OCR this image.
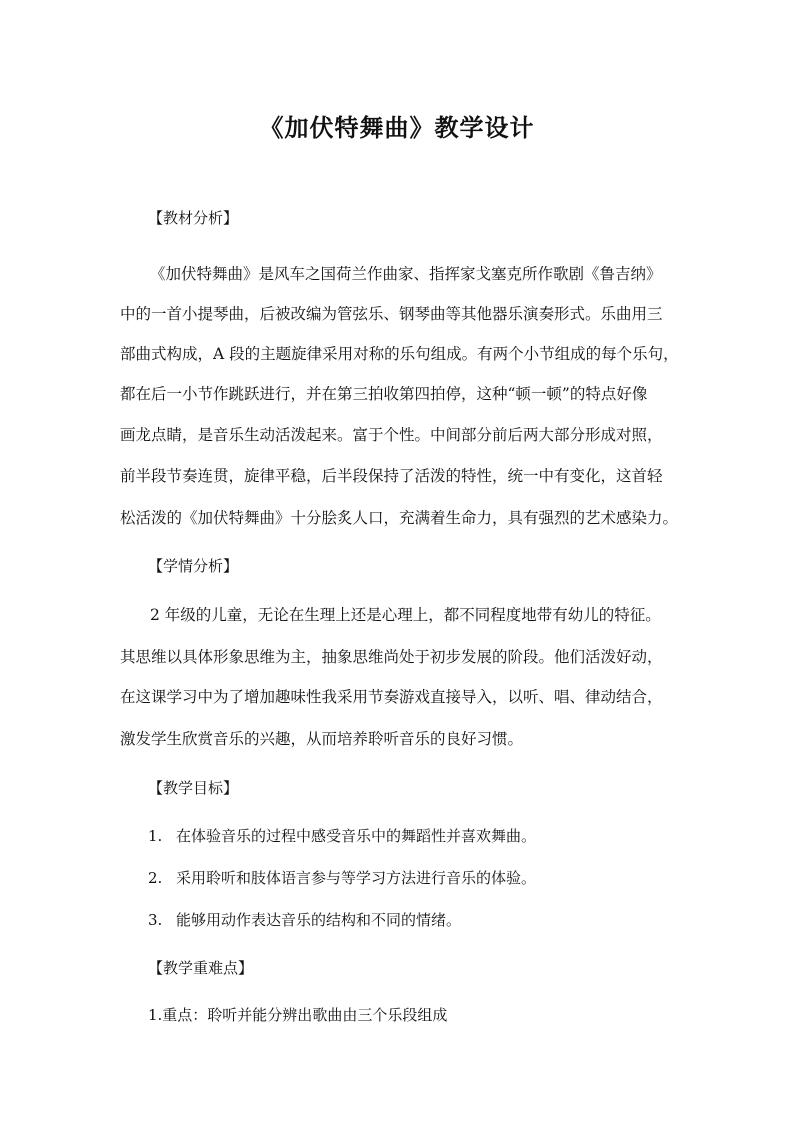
《加伏特舞曲》教学设计
【教材分析】
《加伏特舞曲》是风车之国荷兰作曲家、指挥家戈塞克所作歌剧《鲁吉纳》
中的一首小提琴曲，后被改编为管弦乐、钢琴曲等其他器乐演奏形式。乐曲用三
部曲式构成，A 段的主题旋律采用对称的乐句组成。有两个小节组成的每个乐句，
都在后一小节作跳跃进行，并在第三拍收第四拍停，这种“顿一顿”的特点好像
画龙点睛，是音乐生动活泼起来。富于个性。中间部分前后两大部分形成对照，
前半段节奏连贯，旋律平稳，后半段保持了活泼的特性，统一中有变化，这首轻
松活泼的《加伏特舞曲》十分脍炙人口，充满着生命力，具有强烈的艺术感染力。
【学情分析】
2 年级的儿童，无论在生理上还是心理上，都不同程度地带有幼儿的特征。
其思维以具体形象思维为主，抽象思维尚处于初步发展的阶段。他们活泼好动，
在这课学习中为了增加趣味性我采用节奏游戏直接导入，以听、唱、律动结合，
激发学生欣赏音乐的兴趣，从而培养聆听音乐的良好习惯。
【教学目标】
1. 在体验音乐的过程中感受音乐中的舞蹈性并喜欢舞曲。
2. 采用聆听和肢体语言参与等学习方法进行音乐的体验。
3. 能够用动作表达音乐的结构和不同的情绪。
【教学重难点】
1.重点：聆听并能分辨出歌曲由三个乐段组成
